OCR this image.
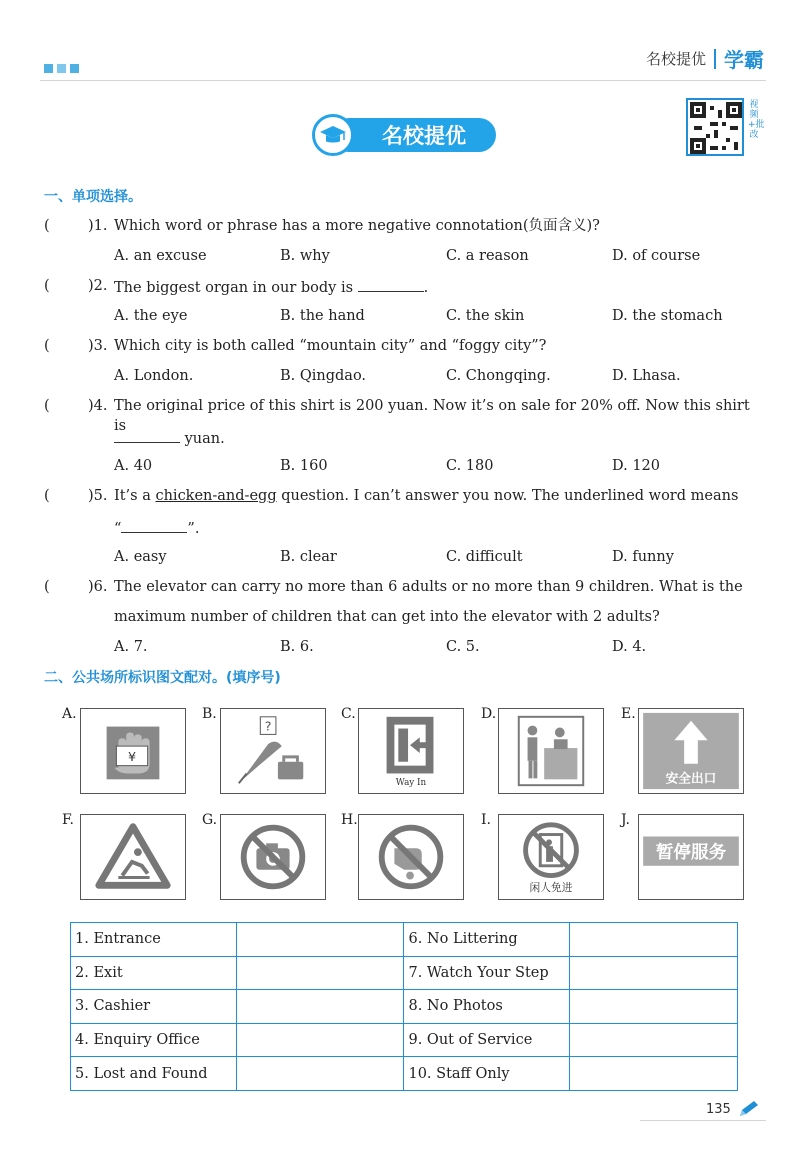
名校提优 学霸
名校提优
视频+批改
一、单项选择。
(	)1. Which word or phrase has a more negative connotation(负面含义)?
A. an excuse	B. why	C. a reason	D. of course
(	)2. The biggest organ in our body is	.
A. the eye	B. the hand	C. the skin	D. the stomach
(	)3. Which city is both called “mountain city” and “foggy city”?
A. London.	B. Qingdao.	C. Chongqing.	D. Lhasa.
(	)4. The original price of this shirt is 200 yuan. Now it’s on sale for 20% off. Now this shirt is
yuan.
A. 40	B. 160	C. 180	D. 120
(	)5. It’s a chicken-and-egg question. I can’t answer you now. The underlined word means
“	”.
A. easy	B. clear	C. difficult	D. funny
(	)6. The elevator can carry no more than 6 adults or no more than 9 children. What is the
maximum number of children that can get into the elevator with 2 adults?
A. 7.	B. 6.	C. 5.	D. 4.
二、公共场所标识图文配对。(填序号)
A.
¥
B.
?
C.
Way In
D.	E.
安全出口
F.	G.	H.	I.
闲人免进
J.
暂停服务
1. Entrance		6. No Littering	
2. Exit		7. Watch Your Step	
3. Cashier		8. No Photos	
4. Enquiry Office		9. Out of Service	
5. Lost and Found		10. Staff Only	
135
